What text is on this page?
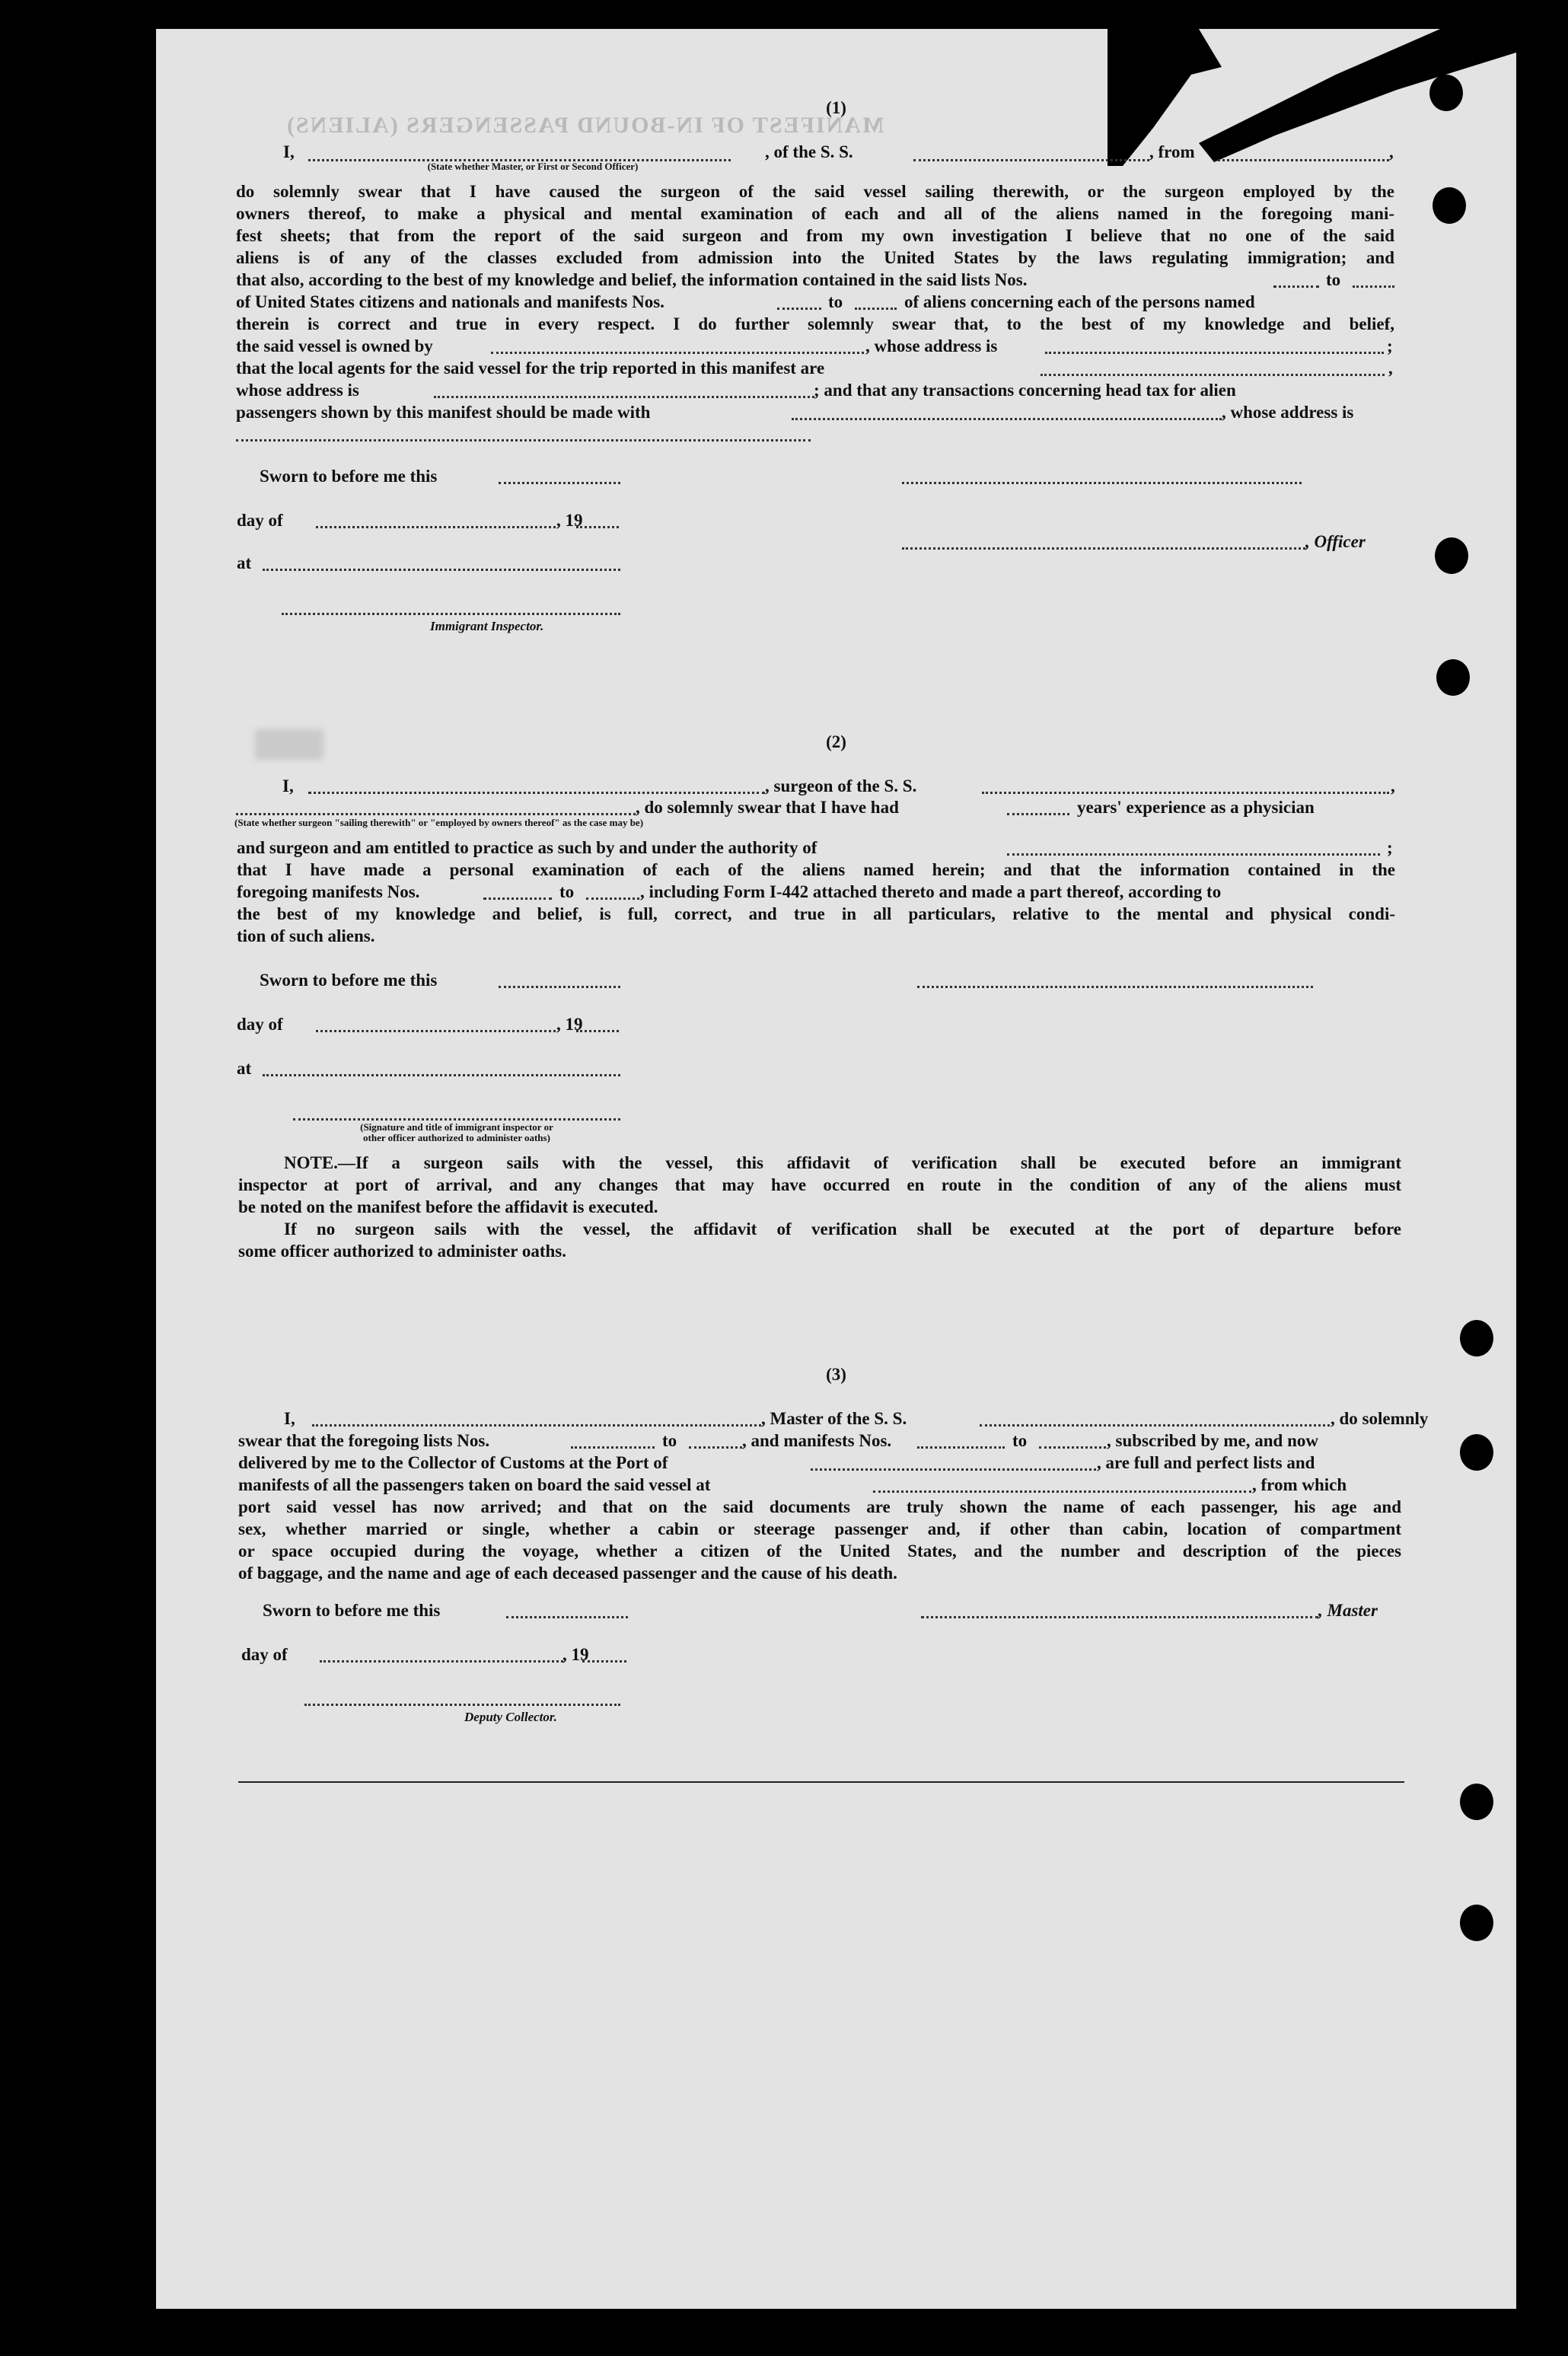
MANIFEST OF IN-BOUND PASSENGERS (ALIENS)
(1)
I,	, of the S. S.	, from	,
(State whether Master, or First or Second Officer)
do solemnly swear that I have caused the surgeon of the said vessel sailing therewith, or the surgeon employed by the
owners thereof, to make a physical and mental examination of each and all of the aliens named in the foregoing mani-
fest sheets; that from the report of the said surgeon and from my own investigation I believe that no one of the said
aliens is of any of the classes excluded from admission into the United States by the laws regulating immigration; and
that also, according to the best of my knowledge and belief, the information contained in the said lists Nos.	to
of United States citizens and nationals and manifests Nos.	to	of aliens concerning each of the persons named
therein is correct and true in every respect. I do further solemnly swear that, to the best of my knowledge and belief,
the said vessel is owned by	, whose address is	;
that the local agents for the said vessel for the trip reported in this manifest are	,
whose address is	; and that any transactions concerning head tax for alien
passengers shown by this manifest should be made with	, whose address is
Sworn to before me this
day of	, 19
, Officer
at
Immigrant Inspector.
(2)
I,	, surgeon of the S. S.	,
, do solemnly swear that I have had	years' experience as a physician
(State whether surgeon "sailing therewith" or "employed by owners thereof" as the case may be)
and surgeon and am entitled to practice as such by and under the authority of	;
that I have made a personal examination of each of the aliens named herein; and that the information contained in the
foregoing manifests Nos.	to	, including Form I-442 attached thereto and made a part thereof, according to
the best of my knowledge and belief, is full, correct, and true in all particulars, relative to the mental and physical condi-
tion of such aliens.
Sworn to before me this
day of	, 19
at
(Signature and title of immigrant inspector or
other officer authorized to administer oaths)
NOTE.—If a surgeon sails with the vessel, this affidavit of verification shall be executed before an immigrant
inspector at port of arrival, and any changes that may have occurred en route in the condition of any of the aliens must
be noted on the manifest before the affidavit is executed.
If no surgeon sails with the vessel, the affidavit of verification shall be executed at the port of departure before
some officer authorized to administer oaths.
(3)
I,	, Master of the S. S.	, do solemnly
swear that the foregoing lists Nos.	to	, and manifests Nos.	to	, subscribed by me, and now
delivered by me to the Collector of Customs at the Port of	, are full and perfect lists and
manifests of all the passengers taken on board the said vessel at	, from which
port said vessel has now arrived; and that on the said documents are truly shown the name of each passenger, his age and
sex, whether married or single, whether a cabin or steerage passenger and, if other than cabin, location of compartment
or space occupied during the voyage, whether a citizen of the United States, and the number and description of the pieces
of baggage, and the name and age of each deceased passenger and the cause of his death.
Sworn to before me this	, Master
day of	, 19
Deputy Collector.
